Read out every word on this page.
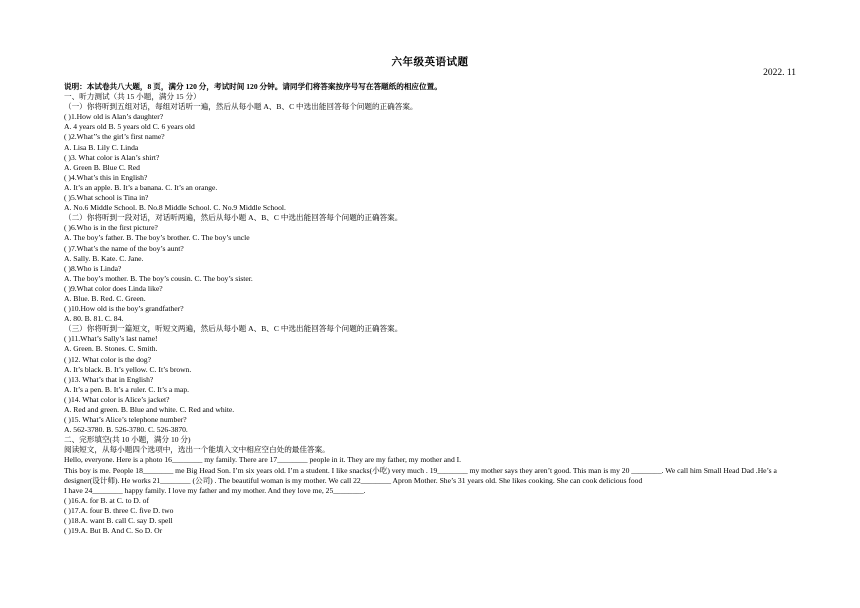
六年级英语试题
2022. 11
说明：本试卷共八大题，8 页，满分 120 分，考试时间 120 分钟。请同学们将答案按序号写在答题纸的相应位置。
一、听力测试（共 15 小题，满分 15 分）
（一）你将听到五组对话，每组对话听一遍，然后从每小题 A、B、C 中选出能回答每个问题的正确答案。
( )1.How old is Alan’s daughter?
A. 4 years old B. 5 years old C. 6 years old
( )2.What’’s the girl’s first name?
A. Lisa B. Lily C. Linda
( )3. What color is Alan’s shirt?
A. Green B. Blue C. Red
( )4.What’s this in English?
A. It’s an apple. B. It’s a banana. C. It’s an orange.
( )5.What school is Tina in?
A. No.6 Middle School. B. No.8 Middle School. C. No.9 Middle School.
（二）你将听到一段对话，对话听两遍，然后从每小题 A、B、C 中选出能回答每个问题的正确答案。
( )6.Who is in the first picture?
A. The boy’s father. B. The boy’s brother. C. The boy’s uncle
( )7.What’s the name of the boy’s aunt?
A. Sally. B. Kate. C. Jane.
( )8.Who is Linda?
A. The boy’s mother. B. The boy’s cousin. C. The boy’s sister.
( )9.What color does Linda like?
A. Blue. B. Red. C. Green.
( )10.How old is the boy’s grandfather?
A. 80. B. 81. C. 84.
（三）你将听到一篇短文，听短文两遍，然后从每小题 A、B、C 中选出能回答每个问题的正确答案。
( )11.What’s Sally’s last name!
A. Green. B. Stones. C. Smith.
( )12. What color is the dog?
A. It’s black. B. It’s yellow. C. It’s brown.
( )13. What’s that in English?
A. It’s a pen. B. It’s a ruler. C. It’s a map.
( )14. What color is Alice’s jacket?
A. Red and green. B. Blue and white. C. Red and white.
( )15. What’s Alice’s telephone number?
A. 562-3780. B. 526-3780. C. 526-3870.
二、完形填空(共 10 小题，满分 10 分)
阅读短文，从每小题四个选项中，选出一个能填入文中相应空白处的最佳答案。
Hello, everyone. Here is a photo 16________ my family. There are 17________ people in it. They are my father, my mother and I.
This boy is me. People 18________ me Big Head Son. I’m six years old. I’m a student. I like snacks(小吃) very much . 19________ my mother says they aren’t good. This man is my 20 ________. We call him Small Head Dad .He’s a designer(设计师). He works 21________ (公司) . The beautiful woman is my mother. We call 22________ Apron Mother. She’s 31 years old. She likes cooking. She can cook delicious food
I have 24________ happy family. I love my father and my mother. And they love me, 25________.
( )16.A. for B. at C. to D. of
( )17.A. four B. three C. five D. two
( )18.A. want B. call C. say D. spell
( )19.A. But B. And C. So D. Or
